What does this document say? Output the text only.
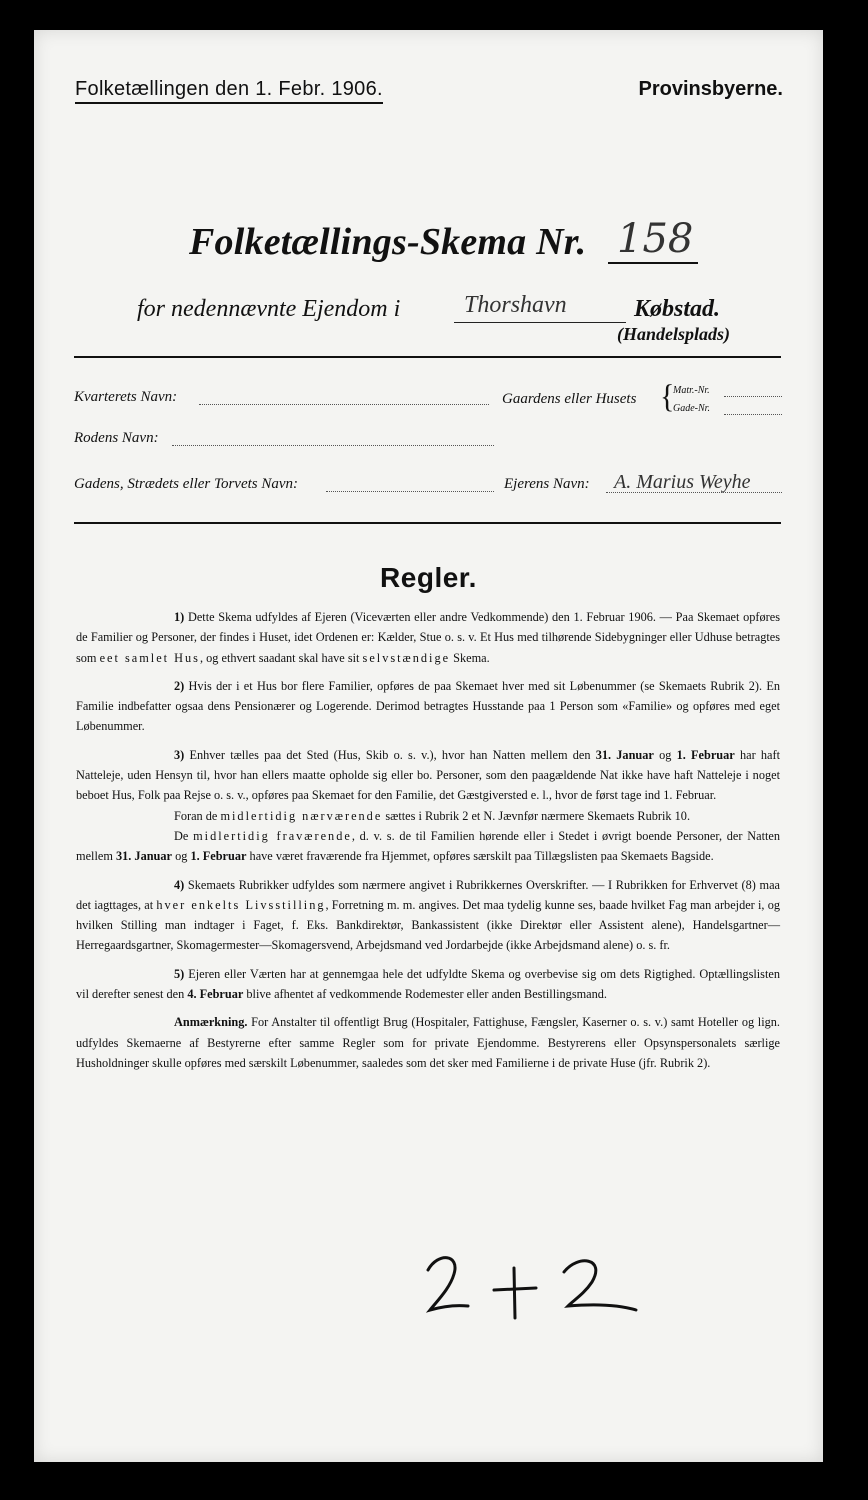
Folketællingen den 1. Febr. 1906.	Provinsbyerne.
Folketællings-Skema Nr. 158
for nedennævnte Ejendom i	Thorshavn	Købstad.
(Handelsplads)
Kvarterets Navn:	Gaardens eller Husets {
Matr.-Nr.
Gade-Nr.
Rodens Navn:
Gadens, Strædets eller Torvets Navn:	Ejerens Navn: A. Marius Weyhe
Regler.

1) Dette Skema udfyldes af Ejeren (Viceværten eller andre Vedkommende) den 1. Februar 1906. — Paa Skemaet opføres de Familier og Personer, der findes i Huset, idet Ordenen er: Kælder, Stue o. s. v. Et Hus med tilhørende Sidebygninger eller Udhuse betragtes som eet samlet Hus, og ethvert saadant skal have sit selvstændige Skema.

2) Hvis der i et Hus bor flere Familier, opføres de paa Skemaet hver med sit Løbenummer (se Skemaets Rubrik 2). En Familie indbefatter ogsaa dens Pensionærer og Logerende. Derimod betragtes Husstande paa 1 Person som «Familie» og opføres med eget Løbenummer.

3) Enhver tælles paa det Sted (Hus, Skib o. s. v.), hvor han Natten mellem den 31. Januar og 1. Februar har haft Natteleje, uden Hensyn til, hvor han ellers maatte opholde sig eller bo. Personer, som den paagældende Nat ikke have haft Natteleje i noget beboet Hus, Folk paa Rejse o. s. v., opføres paa Skemaet for den Familie, det Gæstgiversted e. l., hvor de først tage ind 1. Februar.

Foran de midlertidig nærværende sættes i Rubrik 2 et N. Jævnfør nærmere Skemaets Rubrik 10.

De midlertidig fraværende, d. v. s. de til Familien hørende eller i Stedet i øvrigt boende Personer, der Natten mellem 31. Januar og 1. Februar have været fraværende fra Hjemmet, opføres særskilt paa Tillægslisten paa Skemaets Bagside.

4) Skemaets Rubrikker udfyldes som nærmere angivet i Rubrikkernes Overskrifter. — I Rubrikken for Erhvervet (8) maa det iagttages, at hver enkelts Livsstilling, Forretning m. m. angives. Det maa tydelig kunne ses, baade hvilket Fag man arbejder i, og hvilken Stilling man indtager i Faget, f. Eks. Bankdirektør, Bankassistent (ikke Direktør eller Assistent alene), Handelsgartner—Herregaardsgartner, Skomagermester—Skomagersvend, Arbejdsmand ved Jordarbejde (ikke Arbejdsmand alene) o. s. fr.

5) Ejeren eller Værten har at gennemgaa hele det udfyldte Skema og overbevise sig om dets Rigtighed. Optællingslisten vil derefter senest den 4. Februar blive afhentet af vedkommende Rodemester eller anden Bestillingsmand.

Anmærkning. For Anstalter til offentligt Brug (Hospitaler, Fattighuse, Fængsler, Kaserner o. s. v.) samt Hoteller og lign. udfyldes Skemaerne af Bestyrerne efter samme Regler som for private Ejendomme. Bestyrerens eller Opsynspersonalets særlige Husholdninger skulle opføres med særskilt Løbenummer, saaledes som det sker med Familierne i de private Huse (jfr. Rubrik 2).
